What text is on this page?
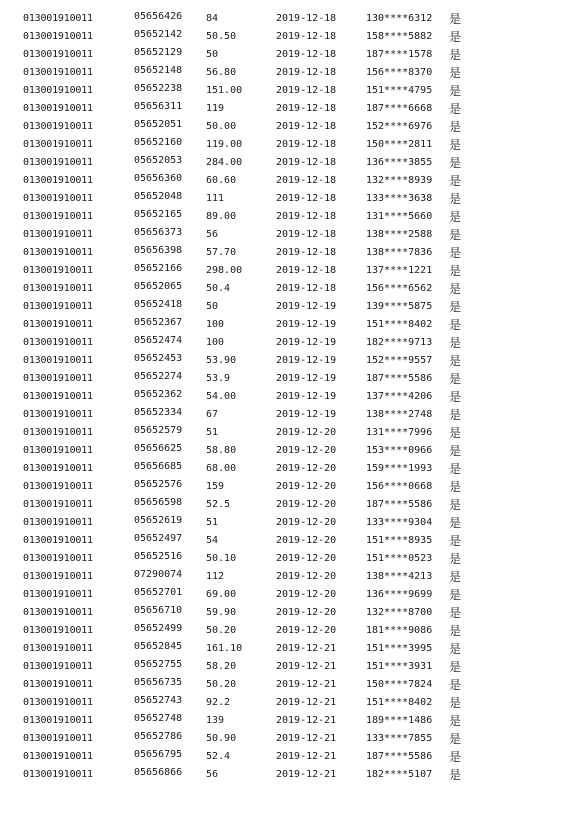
013001910011	05656426 84	2019-12-18	130****6312 是
013001910011	05652142 50.50	2019-12-18	158****5882 是
013001910011	05652129 50	2019-12-18	187****1578 是
013001910011	05652148 56.80	2019-12-18	156****8370 是
013001910011	05652238 151.00	2019-12-18	151****4795 是
013001910011	05656311 119	2019-12-18	187****6668 是
013001910011	05652051 50.00	2019-12-18	152****6976 是
013001910011	05652160 119.00	2019-12-18	150****2811 是
013001910011	05652053 284.00	2019-12-18	136****3855 是
013001910011	05656360 60.60	2019-12-18	132****8939 是
013001910011	05652048 111	2019-12-18	133****3638 是
013001910011	05652165 89.00	2019-12-18	131****5660 是
013001910011	05656373 56	2019-12-18	138****2588 是
013001910011	05656398 57.70	2019-12-18	138****7836 是
013001910011	05652166 298.00	2019-12-18	137****1221 是
013001910011	05652065 50.4	2019-12-18	156****6562 是
013001910011	05652418 50	2019-12-19	139****5875 是
013001910011	05652367 100	2019-12-19	151****8402 是
013001910011	05652474 100	2019-12-19	182****9713 是
013001910011	05652453 53.90	2019-12-19	152****9557 是
013001910011	05652274 53.9	2019-12-19	187****5586 是
013001910011	05652362 54.00	2019-12-19	137****4206 是
013001910011	05652334 67	2019-12-19	138****2748 是
013001910011	05652579 51	2019-12-20	131****7996 是
013001910011	05656625 58.80	2019-12-20	153****0966 是
013001910011	05656685 68.00	2019-12-20	159****1993 是
013001910011	05652576 159	2019-12-20	156****0668 是
013001910011	05656598 52.5	2019-12-20	187****5586 是
013001910011	05652619 51	2019-12-20	133****9304 是
013001910011	05652497 54	2019-12-20	151****8935 是
013001910011	05652516 50.10	2019-12-20	151****0523 是
013001910011	07290074 112	2019-12-20	138****4213 是
013001910011	05652701 69.00	2019-12-20	136****9699 是
013001910011	05656710 59.90	2019-12-20	132****8700 是
013001910011	05652499 50.20	2019-12-20	181****9086 是
013001910011	05652845 161.10	2019-12-21	151****3995 是
013001910011	05652755 58.20	2019-12-21	151****3931 是
013001910011	05656735 50.20	2019-12-21	150****7824 是
013001910011	05652743 92.2	2019-12-21	151****8402 是
013001910011	05652748 139	2019-12-21	189****1486 是
013001910011	05652786 50.90	2019-12-21	133****7855 是
013001910011	05656795 52.4	2019-12-21	187****5586 是
013001910011	05656866 56	2019-12-21	182****5107 是
